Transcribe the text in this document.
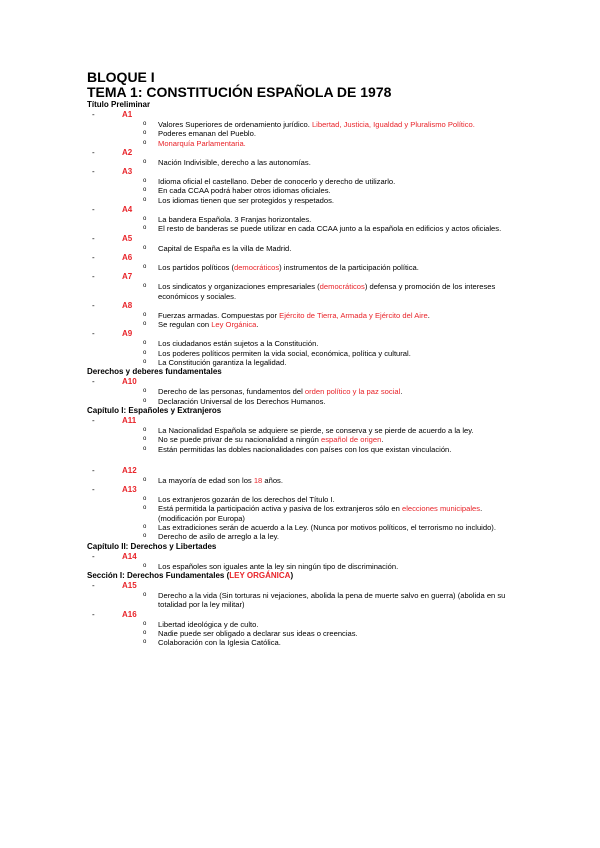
BLOQUE I
TEMA 1: CONSTITUCIÓN ESPAÑOLA DE 1978
Título Preliminar
-	A1
o Valores Superiores de ordenamiento jurídico. Libertad, Justicia, Igualdad y Pluralismo Político.
o Poderes emanan del Pueblo.
o Monarquía Parlamentaria.
-	A2
o Nación Indivisible, derecho a las autonomías.
-	A3
o Idioma oficial el castellano. Deber de conocerlo y derecho de utilizarlo.
o En cada CCAA podrá haber otros idiomas oficiales.
o Los idiomas tienen que ser protegidos y respetados.
-	A4
o La bandera Española. 3 Franjas horizontales.
o El resto de banderas se puede utilizar en cada CCAA junto a la española en edificios y actos oficiales.
-	A5
o Capital de España es la villa de Madrid.
-	A6
o Los partidos políticos (democráticos) instrumentos de la participación política.
-	A7
o Los sindicatos y organizaciones empresariales (democráticos) defensa y promoción de los intereses económicos y sociales.
-	A8
o Fuerzas armadas. Compuestas por Ejército de Tierra, Armada y Ejército del Aire.
o Se regulan con Ley Orgánica.
-	A9
o Los ciudadanos están sujetos a la Constitución.
o Los poderes políticos permiten la vida social, económica, política y cultural.
o La Constitución garantiza la legalidad.
Derechos y deberes fundamentales
-	A10
o Derecho de las personas, fundamentos del orden político y la paz social.
o Declaración Universal de los Derechos Humanos.
Capítulo I: Españoles y Extranjeros
-	A11
o La Nacionalidad Española se adquiere se pierde, se conserva y se pierde de acuerdo a la ley.
o No se puede privar de su nacionalidad a ningún español de origen.
o Están permitidas las dobles nacionalidades con países con los que existan vinculación.
-	A12
o La mayoría de edad son los 18 años.
-	A13
o Los extranjeros gozarán de los derechos del Título I.
o Está permitida la participación activa y pasiva de los extranjeros sólo en elecciones municipales. (modificación por Europa)
o Las extradiciones serán de acuerdo a la Ley. (Nunca por motivos políticos, el terrorismo no incluido).
o Derecho de asilo de arreglo a la ley.
Capítulo II: Derechos y Libertades
-	A14
o Los españoles son iguales ante la ley sin ningún tipo de discriminación.
Sección I: Derechos Fundamentales (LEY ORGÁNICA)
-	A15
o Derecho a la vida (Sin torturas ni vejaciones, abolida la pena de muerte salvo en guerra) (abolida en su totalidad por la ley militar)
-	A16
o Libertad ideológica y de culto.
o Nadie puede ser obligado a declarar sus ideas o creencias.
o Colaboración con la Iglesia Católica.
